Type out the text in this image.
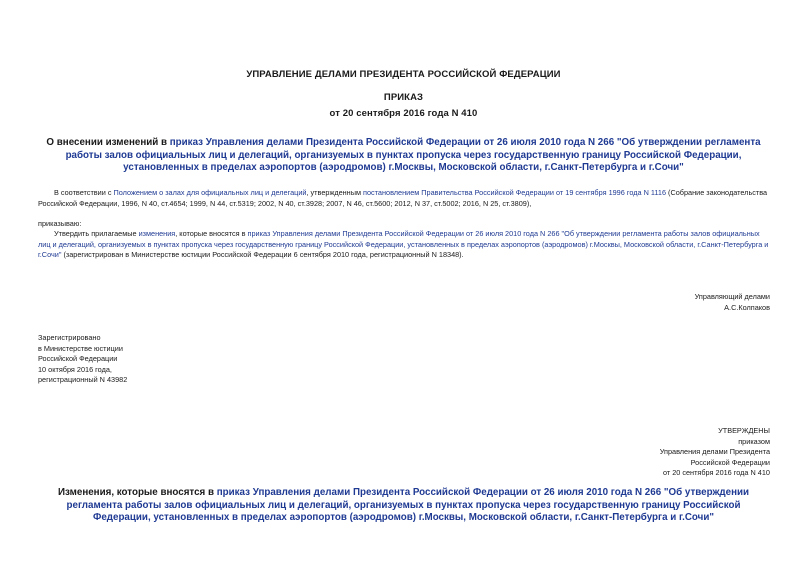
УПРАВЛЕНИЕ ДЕЛАМИ ПРЕЗИДЕНТА РОССИЙСКОЙ ФЕДЕРАЦИИ
ПРИКАЗ
от 20 сентября 2016 года N 410
О внесении изменений в приказ Управления делами Президента Российской Федерации от 26 июля 2010 года N 266 "Об утверждении регламента работы залов официальных лиц и делегаций, организуемых в пунктах пропуска через государственную границу Российской Федерации, установленных в пределах аэропортов (аэродромов) г.Москвы, Московской области, г.Санкт-Петербурга и г.Сочи"
В соответствии с Положением о залах для официальных лиц и делегаций, утвержденным постановлением Правительства Российской Федерации от 19 сентября 1996 года N 1116 (Собрание законодательства Российской Федерации, 1996, N 40, ст.4654; 1999, N 44, ст.5319; 2002, N 40, ст.3928; 2007, N 46, ст.5600; 2012, N 37, ст.5002; 2016, N 25, ст.3809),
приказываю:
Утвердить прилагаемые изменения, которые вносятся в приказ Управления делами Президента Российской Федерации от 26 июля 2010 года N 266 "Об утверждении регламента работы залов официальных лиц и делегаций, организуемых в пунктах пропуска через государственную границу Российской Федерации, установленных в пределах аэропортов (аэродромов) г.Москвы, Московской области, г.Санкт-Петербурга и г.Сочи" (зарегистрирован в Министерстве юстиции Российской Федерации 6 сентября 2010 года, регистрационный N 18348).
Управляющий делами
А.С.Колпаков
Зарегистрировано
в Министерстве юстиции
Российской Федерации
10 октября 2016 года,
регистрационный N 43982
УТВЕРЖДЕНЫ
приказом
Управления делами Президента
Российской Федерации
от 20 сентября 2016 года N 410
Изменения, которые вносятся в приказ Управления делами Президента Российской Федерации от 26 июля 2010 года N 266 "Об утверждении регламента работы залов официальных лиц и делегаций, организуемых в пунктах пропуска через государственную границу Российской Федерации, установленных в пределах аэропортов (аэродромов) г.Москвы, Московской области, г.Санкт-Петербурга и г.Сочи"
